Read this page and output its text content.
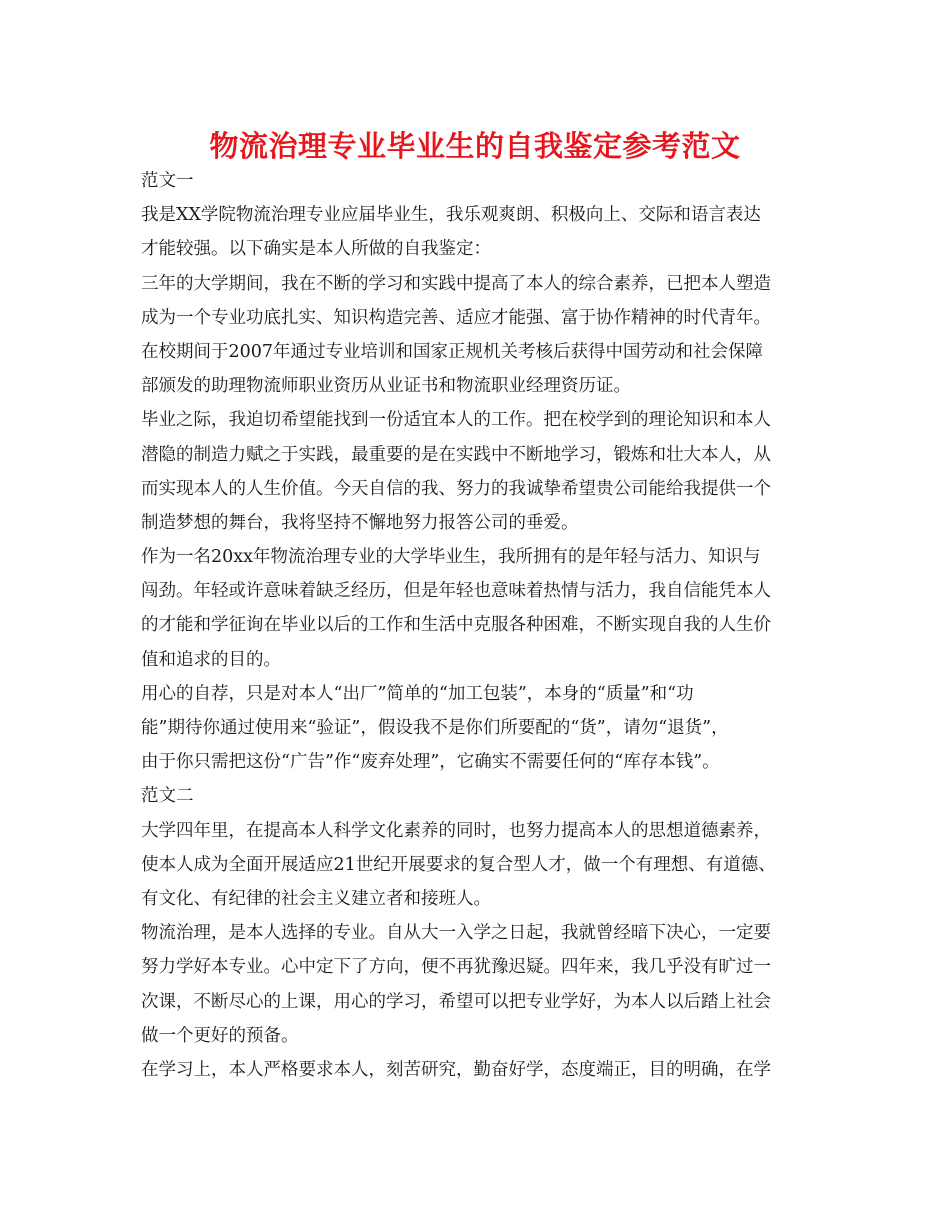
物流治理专业毕业生的自我鉴定参考范文
范文一
我是XX学院物流治理专业应届毕业生，我乐观爽朗、积极向上、交际和语言表达
才能较强。以下确实是本人所做的自我鉴定：
三年的大学期间，我在不断的学习和实践中提高了本人的综合素养，已把本人塑造
成为一个专业功底扎实、知识构造完善、适应才能强、富于协作精神的时代青年。
在校期间于2007年通过专业培训和国家正规机关考核后获得中国劳动和社会保障
部颁发的助理物流师职业资历从业证书和物流职业经理资历证。
毕业之际，我迫切希望能找到一份适宜本人的工作。把在校学到的理论知识和本人
潜隐的制造力赋之于实践，最重要的是在实践中不断地学习，锻炼和壮大本人，从
而实现本人的人生价值。今天自信的我、努力的我诚挚希望贵公司能给我提供一个
制造梦想的舞台，我将坚持不懈地努力报答公司的垂爱。
作为一名20xx年物流治理专业的大学毕业生，我所拥有的是年轻与活力、知识与
闯劲。年轻或许意味着缺乏经历，但是年轻也意味着热情与活力，我自信能凭本人
的才能和学征询在毕业以后的工作和生活中克服各种困难，不断实现自我的人生价
值和追求的目的。
用心的自荐，只是对本人“出厂”简单的“加工包装”，本身的“质量”和“功
能”期待你通过使用来“验证”，假设我不是你们所要配的“货”，请勿“退货”，
由于你只需把这份“广告”作“废弃处理”，它确实不需要任何的“库存本钱”。
范文二
大学四年里，在提高本人科学文化素养的同时，也努力提高本人的思想道德素养，
使本人成为全面开展适应21世纪开展要求的复合型人才，做一个有理想、有道德、
有文化、有纪律的社会主义建立者和接班人。
物流治理，是本人选择的专业。自从大一入学之日起，我就曾经暗下决心，一定要
努力学好本专业。心中定下了方向，便不再犹豫迟疑。四年来，我几乎没有旷过一
次课，不断尽心的上课，用心的学习，希望可以把专业学好，为本人以后踏上社会
做一个更好的预备。
在学习上，本人严格要求本人，刻苦研究，勤奋好学，态度端正，目的明确，在学
